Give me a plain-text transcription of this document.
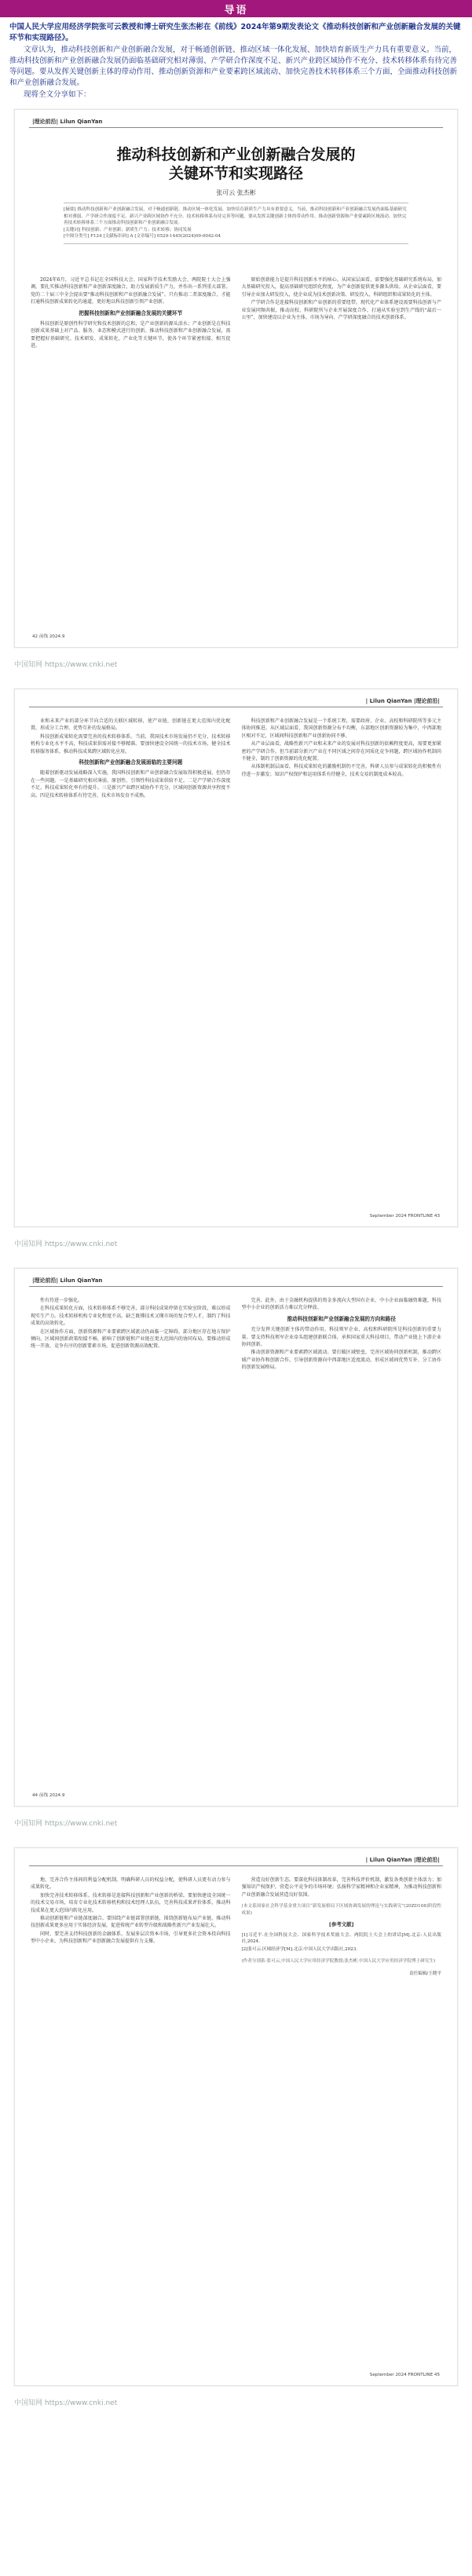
导语

中国人民大学应用经济学院张可云教授和博士研究生张杰彬在《前线》2024年第9期发表论文《推动科技创新和产业创新融合发展的关键环节和实现路径》。

文章认为，推动科技创新和产业创新融合发展，对于畅通创新链、推动区域一体化发展、加快培育新质生产力具有重要意义。当前，推动科技创新和产业创新融合发展仍面临基础研究相对薄弱、产学研合作深度不足、新兴产业跨区域协作不充分、技术转移体系有待完善等问题。要从发挥关键创新主体的带动作用、推动创新资源和产业要素跨区域流动、加快完善技术转移体系三个方面，全面推动科技创新和产业创新融合发展。

现将全文分享如下：

|理论前沿| Lilun QianYan
推动科技创新和产业创新融合发展的
关键环节和实现路径
张可云 张杰彬
[摘要] 推动科技创新和产业创新融合发展，对于畅通创新链、推动区域一体化发展、加快培育新质生产力具有重要意义。当前，推动科技创新和产业创新融合发展仍面临基础研究相对薄弱、产学研合作深度不足、新兴产业跨区域协作不充分、技术转移体系有待完善等问题。要从发挥关键创新主体的带动作用、推动创新资源和产业要素跨区域流动、加快完善技术转移体系三个方面推动科技创新和产业创新融合发展。
[关键词] 科技创新；产业创新；新质生产力；技术转移；协同发展
[中图分类号] F124 [文献标识码] A [文章编号] 0529-1445(2024)09-0042-04

2024年6月，习近平总书记在全国科技大会、国家科学技术奖励大会、两院院士大会上强调，要扎实推动科技创新和产业创新深度融合，助力发展新质生产力，并作出一系列重大部署。党的二十届三中全会提出要“推动科技创新和产业创新融合发展”。只有推动二者深度融合，才能打通科技创新成果转化的通道，更好地以科技创新引领产业创新。

把握科技创新和产业创新融合发展的关键环节

科技创新是原创性科学研究和技术创新的总和，是产业创新的源头活水；产业创新是在科技创新成果基础上对产品、服务、业态和模式进行的创新。推动科技创新和产业创新融合发展，需要把握好基础研究、技术研发、成果转化、产业化等关键环节，使各个环节紧密衔接、相互促进。

原始创新能力是提升科技创新水平的核心。从国家层面看，需要强化基础研究系统布局，加大基础研究投入，提高基础研究组织化程度，为产业创新提供更多源头供给。从企业层面看，要引导企业加大研发投入，使企业成为技术创新决策、研发投入、科研组织和成果转化的主体。

产学研合作是连接科技创新和产业创新的重要纽带。现代化产业体系建设需要科技创新与产业发展同频共振，推动高校、科研院所与企业开展深度合作，打通从实验室到生产线的“最后一公里”，加快建设以企业为主体、市场为导向、产学研深度融合的技术创新体系。

42 前线 2024.9
中国知网 https://www.cnki.net
| Lilun QianYan |理论前沿|

业和未来产业的部分环节向合适的关联区域转移，使产业链、创新链在更大范围内优化配置，形成分工合理、优势互补的发展格局。

科技创新成果转化需要完善的技术转移体系。当前，我国技术市场发展仍不充分，技术转移机构专业化水平不高，科技成果供需对接不够精准。要加快建设全国统一的技术市场，健全技术转移服务体系，推动科技成果跨区域转化应用。

科技创新和产业创新融合发展面临的主要问题

随着创新驱动发展战略深入实施，我国科技创新和产业创新融合发展取得积极进展，但仍存在一些问题。一是基础研究相对薄弱，原创性、引领性科技成果供给不足。二是产学研合作深度不足，科技成果转化率有待提升。三是新兴产业跨区域协作不充分，区域间创新资源共享程度不高。四是技术转移体系有待完善，技术市场发育不成熟。

科技创新和产业创新融合发展是一个系统工程，需要政府、企业、高校和科研院所等多元主体协同推进。从区域层面看，我国创新资源分布不均衡，东部地区创新资源较为集中，中西部地区相对不足，区域间科技创新和产业创新协同不够。

从产业层面看，战略性新兴产业和未来产业的发展对科技创新的依赖程度更高，需要更加紧密的产学研合作。但当前部分新兴产业在不同区域之间存在同质化竞争问题，跨区域协作机制尚不健全，制约了创新资源的优化配置。

从体制机制层面看，科技成果转化的激励机制仍不完善，科研人员参与成果转化的积极性有待进一步激发；知识产权保护和运用体系有待健全，技术交易的制度成本较高。

September 2024 FRONTLINE 43
中国知网 https://www.cnki.net
|理论前沿| Lilun QianYan

性有待进一步强化。

在科技成果转化方面，技术转移体系不够完善，部分科技成果停留在实验室阶段，难以形成现实生产力。技术转移机构专业化程度不高，缺乏既懂技术又懂市场的复合型人才，制约了科技成果的高效转化。

在区域协作方面，创新资源和产业要素跨区域流动仍面临一定障碍。部分地区存在地方保护倾向，区域间创新政策衔接不畅，影响了创新链和产业链在更大范围内的协同布局。要推动形成统一开放、竞争有序的创新要素市场，促进创新资源高效配置。

完善、此外，由于金融机构提供的资金多流向大型国有企业，中小企业面临融资难题，科技型中小企业的创新活力难以充分释放。

推动科技创新和产业创新融合发展的方向和路径

充分发挥关键创新主体的带动作用。科技领军企业、高校和科研院所是科技创新的重要力量。要支持科技领军企业牵头组建创新联合体，承担国家重大科技项目，带动产业链上下游企业协同创新。

推动创新资源和产业要素跨区域流动。要打破区域壁垒，完善区域协同创新机制，推动跨区域产业协作和创新合作，引导创新资源向中西部地区适度流动，形成区域间优势互补、分工协作的创新发展格局。

44 前线 2024.9
中国知网 https://www.cnki.net
| Lilun QianYan |理论前沿|

地、完善合作主体间的利益分配机制，明确科研人员的权益分配，使科研人员更有动力参与成果转化。

加快完善技术转移体系。技术转移是连接科技创新和产业创新的桥梁。要加快建设全国统一的技术交易市场，培育专业化技术转移机构和技术经理人队伍，完善科技成果评价体系，推动科技成果在更大范围内转化应用。

推动创新链和产业链深度融合。要围绕产业链部署创新链，围绕创新链布局产业链，推动科技创新成果更多应用于实体经济发展，促进传统产业转型升级和战略性新兴产业发展壮大。

同时，要完善支持科技创新的金融体系，发展多层次资本市场，引导更多社会资本投向科技型中小企业，为科技创新和产业创新融合发展提供有力支撑。

营造良好创新生态。要深化科技体制改革，完善科技评价机制，激发各类创新主体活力；加强知识产权保护，营造公平竞争的市场环境；弘扬科学家精神和企业家精神，为推动科技创新和产业创新融合发展营造良好氛围。

(本文系国家社会科学基金重大项目“新发展格局下区域协调发展的理论与实践研究”(20ZD108)阶段性成果)
[参考文献]

[1]习近平.在全国科技大会、国家科学技术奖励大会、两院院士大会上的讲话[M].北京:人民出版社,2024.

[2]张可云.区域经济学[M].北京:中国人民大学出版社,2023.

(作者分别系:张可云,中国人民大学应用经济学院教授;张杰彬,中国人民大学应用经济学院博士研究生)
责任编辑/王晓平
September 2024 FRONTLINE 45
中国知网 https://www.cnki.net
